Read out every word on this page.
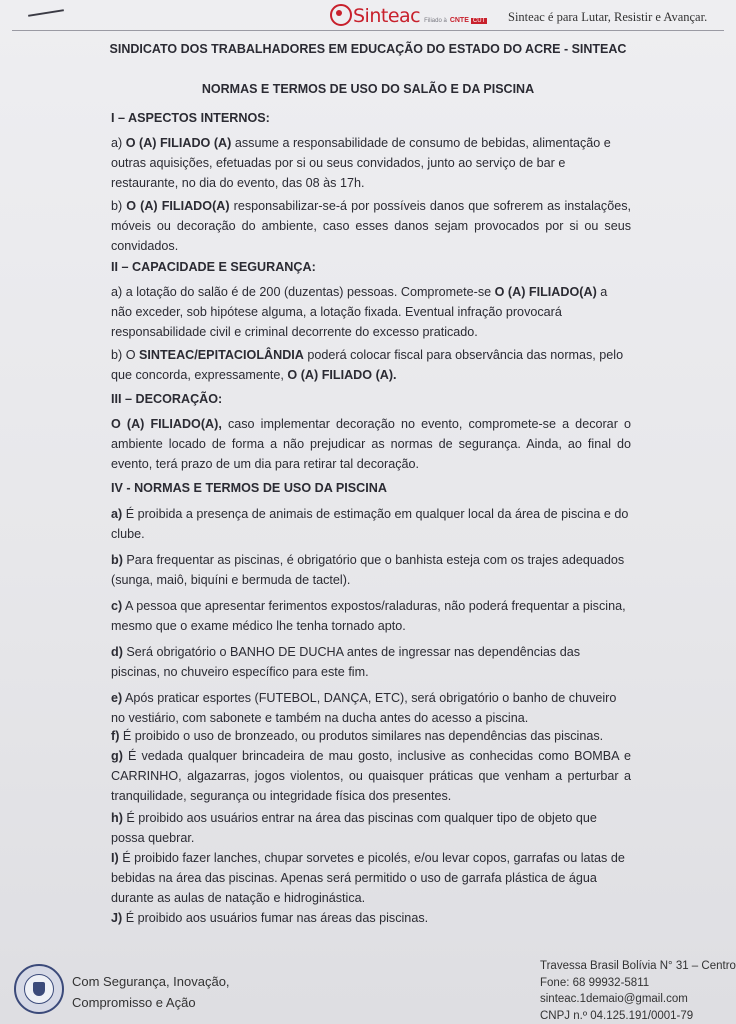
Sinteac Filiado à CNTE CUT Sinteac é para Lutar, Resistir e Avançar.
SINDICATO DOS TRABALHADORES EM EDUCAÇÃO DO ESTADO DO ACRE - SINTEAC
NORMAS E TERMOS DE USO DO SALÃO E DA PISCINA

I – ASPECTOS INTERNOS:

a) O (A) FILIADO (A) assume a responsabilidade de consumo de bebidas, alimentação e outras aquisições, efetuadas por si ou seus convidados, junto ao serviço de bar e restaurante, no dia do evento, das 08 às 17h.

b) O (A) FILIADO(A) responsabilizar-se-á por possíveis danos que sofrerem as instalações, móveis ou decoração do ambiente, caso esses danos sejam provocados por si ou seus convidados.

II – CAPACIDADE E SEGURANÇA:

a) a lotação do salão é de 200 (duzentas) pessoas. Compromete-se O (A) FILIADO(A) a não exceder, sob hipótese alguma, a lotação fixada. Eventual infração provocará responsabilidade civil e criminal decorrente do excesso praticado.

b) O SINTEAC/EPITACIOLÂNDIA poderá colocar fiscal para observância das normas, pelo que concorda, expressamente, O (A) FILIADO (A).

III – DECORAÇÃO:

O (A) FILIADO(A), caso implementar decoração no evento, compromete-se a decorar o ambiente locado de forma a não prejudicar as normas de segurança. Ainda, ao final do evento, terá prazo de um dia para retirar tal decoração.

IV - NORMAS E TERMOS DE USO DA PISCINA

a) É proibida a presença de animais de estimação em qualquer local da área de piscina e do clube.

b) Para frequentar as piscinas, é obrigatório que o banhista esteja com os trajes adequados (sunga, maiô, biquíni e bermuda de tactel).

c) A pessoa que apresentar ferimentos expostos/raladuras, não poderá frequentar a piscina, mesmo que o exame médico lhe tenha tornado apto.

d) Será obrigatório o BANHO DE DUCHA antes de ingressar nas dependências das piscinas, no chuveiro específico para este fim.

e) Após praticar esportes (FUTEBOL, DANÇA, ETC), será obrigatório o banho de chuveiro no vestiário, com sabonete e também na ducha antes do acesso a piscina.

f) É proibido o uso de bronzeado, ou produtos similares nas dependências das piscinas.

g) É vedada qualquer brincadeira de mau gosto, inclusive as conhecidas como BOMBA e CARRINHO, algazarras, jogos violentos, ou quaisquer práticas que venham a perturbar a tranquilidade, segurança ou integridade física dos presentes.

h) É proibido aos usuários entrar na área das piscinas com qualquer tipo de objeto que possa quebrar.

I) É proibido fazer lanches, chupar sorvetes e picolés, e/ou levar copos, garrafas ou latas de bebidas na área das piscinas. Apenas será permitido o uso de garrafa plástica de água durante as aulas de natação e hidroginástica.

J) É proibido aos usuários fumar nas áreas das piscinas.

Com Segurança, Inovação,
Compromisso e Ação
Travessa Brasil Bolívia N° 31 – Centro
Fone: 68 99932-5811
sinteac.1demaio@gmail.com
CNPJ n.º 04.125.191/0001-79
